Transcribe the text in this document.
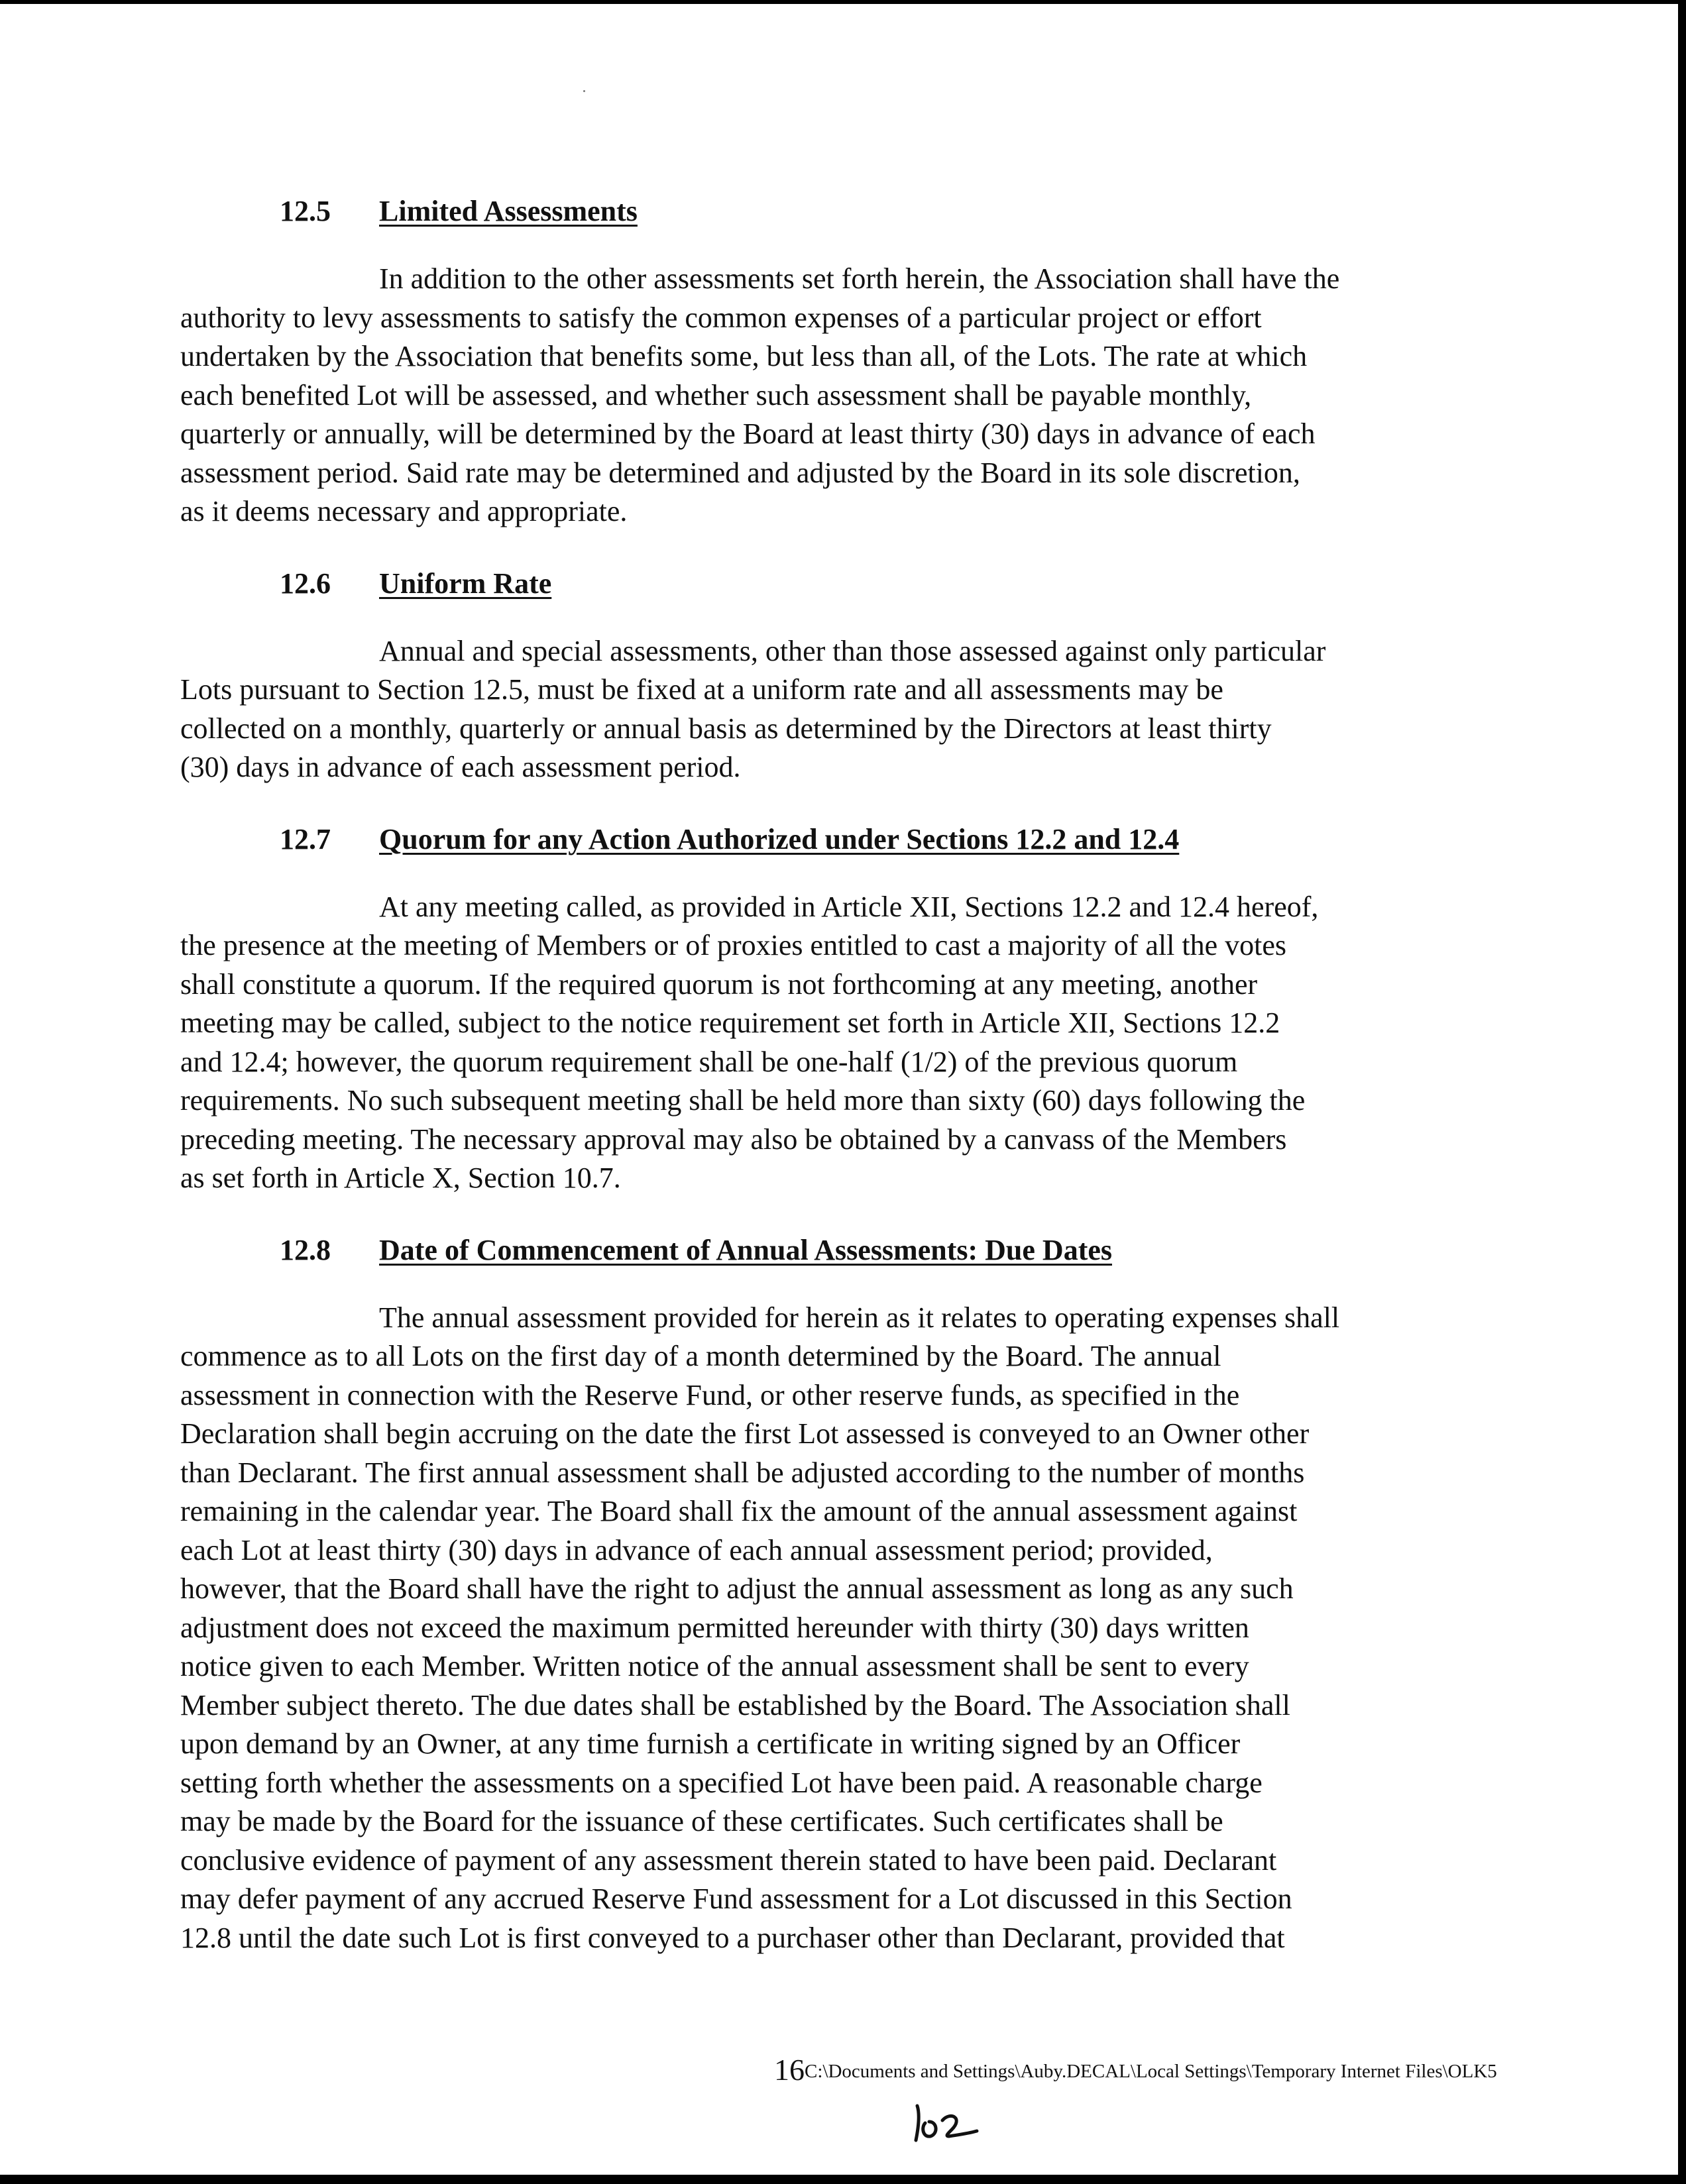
12.5 Limited Assessments

In addition to the other assessments set forth herein, the Association shall have the
authority to levy assessments to satisfy the common expenses of a particular project or effort
undertaken by the Association that benefits some, but less than all, of the Lots. The rate at which
each benefited Lot will be assessed, and whether such assessment shall be payable monthly,
quarterly or annually, will be determined by the Board at least thirty (30) days in advance of each
assessment period. Said rate may be determined and adjusted by the Board in its sole discretion,
as it deems necessary and appropriate.

12.6 Uniform Rate

Annual and special assessments, other than those assessed against only particular
Lots pursuant to Section 12.5, must be fixed at a uniform rate and all assessments may be
collected on a monthly, quarterly or annual basis as determined by the Directors at least thirty
(30) days in advance of each assessment period.

12.7 Quorum for any Action Authorized under Sections 12.2 and 12.4

At any meeting called, as provided in Article XII, Sections 12.2 and 12.4 hereof,
the presence at the meeting of Members or of proxies entitled to cast a majority of all the votes
shall constitute a quorum. If the required quorum is not forthcoming at any meeting, another
meeting may be called, subject to the notice requirement set forth in Article XII, Sections 12.2
and 12.4; however, the quorum requirement shall be one-half (1/2) of the previous quorum
requirements. No such subsequent meeting shall be held more than sixty (60) days following the
preceding meeting. The necessary approval may also be obtained by a canvass of the Members
as set forth in Article X, Section 10.7.

12.8 Date of Commencement of Annual Assessments: Due Dates

The annual assessment provided for herein as it relates to operating expenses shall
commence as to all Lots on the first day of a month determined by the Board. The annual
assessment in connection with the Reserve Fund, or other reserve funds, as specified in the
Declaration shall begin accruing on the date the first Lot assessed is conveyed to an Owner other
than Declarant. The first annual assessment shall be adjusted according to the number of months
remaining in the calendar year. The Board shall fix the amount of the annual assessment against
each Lot at least thirty (30) days in advance of each annual assessment period; provided,
however, that the Board shall have the right to adjust the annual assessment as long as any such
adjustment does not exceed the maximum permitted hereunder with thirty (30) days written
notice given to each Member. Written notice of the annual assessment shall be sent to every
Member subject thereto. The due dates shall be established by the Board. The Association shall
upon demand by an Owner, at any time furnish a certificate in writing signed by an Officer
setting forth whether the assessments on a specified Lot have been paid. A reasonable charge
may be made by the Board for the issuance of these certificates. Such certificates shall be
conclusive evidence of payment of any assessment therein stated to have been paid. Declarant
may defer payment of any accrued Reserve Fund assessment for a Lot discussed in this Section
12.8 until the date such Lot is first conveyed to a purchaser other than Declarant, provided that

16C:\Documents and Settings\Auby.DECAL\Local Settings\Temporary Internet Files\OLK5
